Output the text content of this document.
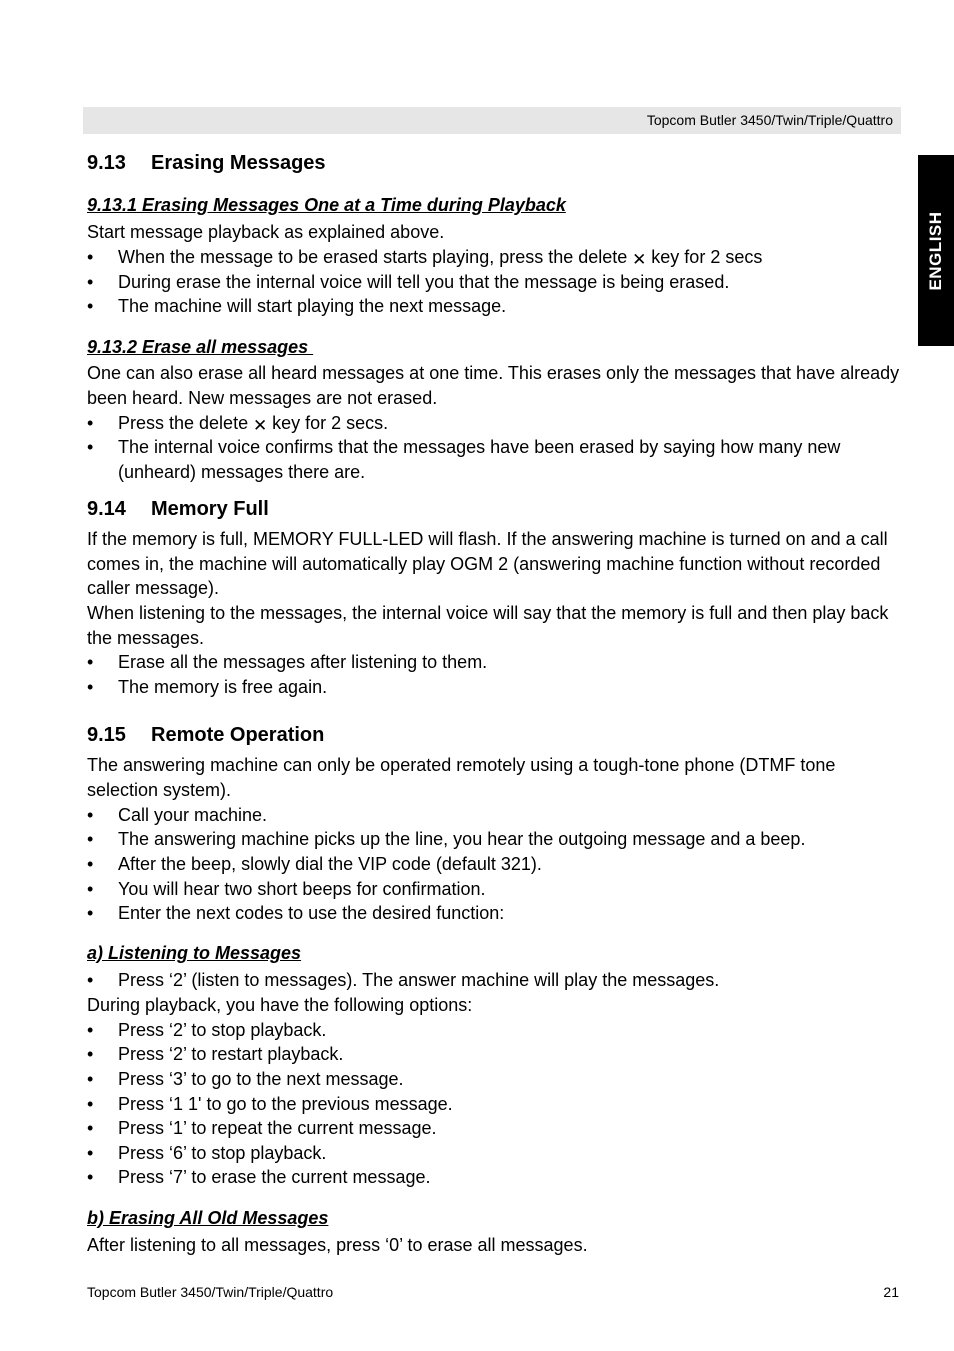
Topcom Butler 3450/Twin/Triple/Quattro
ENGLISH
9.13 Erasing Messages
9.13.1 Erasing Messages One at a Time during Playback
Start message playback as explained above.
• When the message to be erased starts playing, press the delete ✕ key for 2 secs
• During erase the internal voice will tell you that the message is being erased.
• The machine will start playing the next message.
9.13.2 Erase all messages
One can also erase all heard messages at one time. This erases only the messages that have already been heard. New messages are not erased.
• Press the delete ✕ key for 2 secs.
• The internal voice confirms that the messages have been erased by saying how many new (unheard) messages there are.
9.14 Memory Full
If the memory is full, MEMORY FULL-LED will flash. If the answering machine is turned on and a call comes in, the machine will automatically play OGM 2 (answering machine function without recorded caller message).
When listening to the messages, the internal voice will say that the memory is full and then play back the messages.
• Erase all the messages after listening to them.
• The memory is free again.
9.15 Remote Operation
The answering machine can only be operated remotely using a tough-tone phone (DTMF tone selection system).
• Call your machine.
• The answering machine picks up the line, you hear the outgoing message and a beep.
• After the beep, slowly dial the VIP code (default 321).
• You will hear two short beeps for confirmation.
• Enter the next codes to use the desired function:
a) Listening to Messages
• Press ‘2’ (listen to messages). The answer machine will play the messages.
During playback, you have the following options:
• Press ‘2’ to stop playback.
• Press ‘2’ to restart playback.
• Press ‘3’ to go to the next message.
• Press ‘1 1' to go to the previous message.
• Press ‘1’ to repeat the current message.
• Press ‘6’ to stop playback.
• Press ‘7’ to erase the current message.
b) Erasing All Old Messages
After listening to all messages, press ‘0’ to erase all messages.
Topcom Butler 3450/Twin/Triple/Quattro	21
